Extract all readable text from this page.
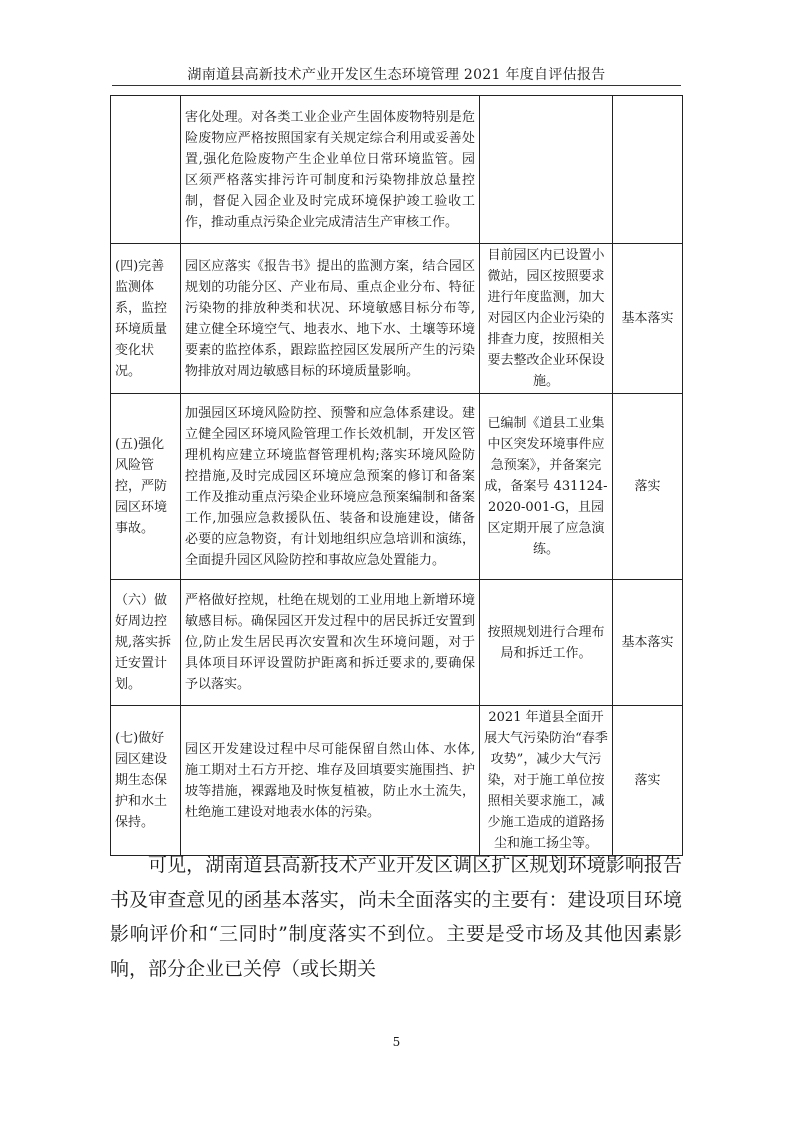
湖南道县高新技术产业开发区生态环境管理 2021 年度自评估报告
	害化处理。对各类工业企业产生固体废物特别是危险废物应严格按照国家有关规定综合利用或妥善处置,强化危险废物产生企业单位日常环境监管。园区须严格落实排污许可制度和污染物排放总量控制，督促入园企业及时完成环境保护竣工验收工作，推动重点污染企业完成清洁生产审核工作。		
(四)完善监测体系，监控环境质量变化状况。	园区应落实《报告书》提出的监测方案，结合园区规划的功能分区、产业布局、重点企业分布、特征污染物的排放种类和状况、环境敏感目标分布等,建立健全环境空气、地表水、地下水、土壤等环境要素的监控体系，跟踪监控园区发展所产生的污染物排放对周边敏感目标的环境质量影响。	目前园区内已设置小微站，园区按照要求进行年度监测，加大对园区内企业污染的排查力度，按照相关要去整改企业环保设施。	基本落实
(五)强化风险管控，严防园区环境事故。	加强园区环境风险防控、预警和应急体系建设。建立健全园区环境风险管理工作长效机制，开发区管理机构应建立环境监督管理机构;落实环境风险防控措施,及时完成园区环境应急预案的修订和备案工作及推动重点污染企业环境应急预案编制和备案工作,加强应急救援队伍、装备和设施建设，储备必要的应急物资，有计划地组织应急培训和演练，全面提升园区风险防控和事故应急处置能力。	已编制《道县工业集中区突发环境事件应急预案》，并备案完成，备案号 431124-2020-001-G，且园区定期开展了应急演练。	落实
（六）做好周边控规,落实拆迁安置计划。	严格做好控规，杜绝在规划的工业用地上新增环境敏感目标。确保园区开发过程中的居民拆迁安置到位,防止发生居民再次安置和次生环境问题，对于具体项目环评设置防护距离和拆迁要求的,要确保予以落实。	按照规划进行合理布局和拆迁工作。	基本落实
(七)做好园区建设期生态保护和水土保持。	园区开发建设过程中尽可能保留自然山体、水体,施工期对土石方开挖、堆存及回填要实施围挡、护坡等措施，裸露地及时恢复植被，防止水土流失，杜绝施工建设对地表水体的污染。	2021 年道县全面开展大气污染防治“春季攻势”，减少大气污染，对于施工单位按照相关要求施工，减少施工造成的道路扬尘和施工扬尘等。	落实

可见，湖南道县高新技术产业开发区调区扩区规划环境影响报告书及审查意见的函基本落实，尚未全面落实的主要有：建设项目环境影响评价和“三同时”制度落实不到位。主要是受市场及其他因素影响，部分企业已关停（或长期关

5
